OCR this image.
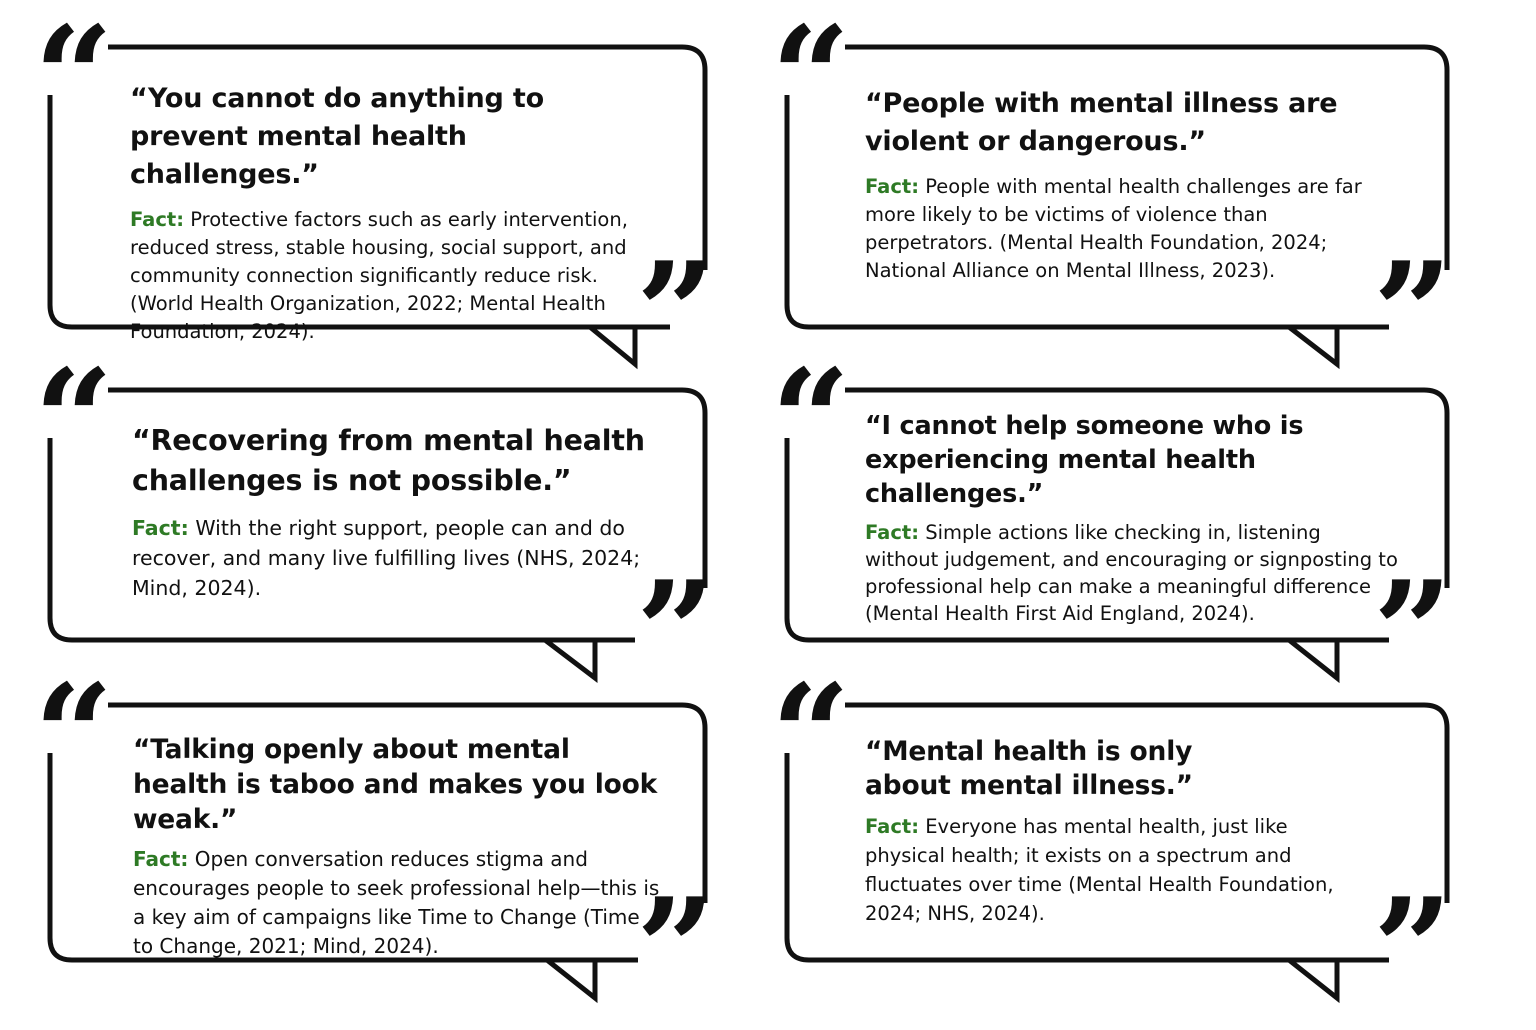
“
”

“You cannot do anything to prevent mental health challenges.”

Fact: Protective factors such as early intervention, reduced stress, stable housing, social support, and community connection significantly reduce risk. (World Health Organization, 2022; Mental Health Foundation, 2024).

“
”

“People with mental illness are violent or dangerous.”

Fact: People with mental health challenges are far more likely to be victims of violence than perpetrators. (Mental Health Foundation, 2024; National Alliance on Mental Illness, 2023).

“
”

“Recovering from mental health challenges is not possible.”

Fact: With the right support, people can and do recover, and many live fulfilling lives (NHS, 2024; Mind, 2024).

“
”

“I cannot help someone who is experiencing mental health challenges.”

Fact: Simple actions like checking in, listening without judgement, and encouraging or signposting to professional help can make a meaningful difference (Mental Health First Aid England, 2024).

“
”

“Talking openly about mental health is taboo and makes you look weak.”

Fact: Open conversation reduces stigma and encourages people to seek professional help—this is a key aim of campaigns like Time to Change (Time to Change, 2021; Mind, 2024).

“
”

“Mental health is only about mental illness.”

Fact: Everyone has mental health, just like physical health; it exists on a spectrum and fluctuates over time (Mental Health Foundation, 2024; NHS, 2024).
